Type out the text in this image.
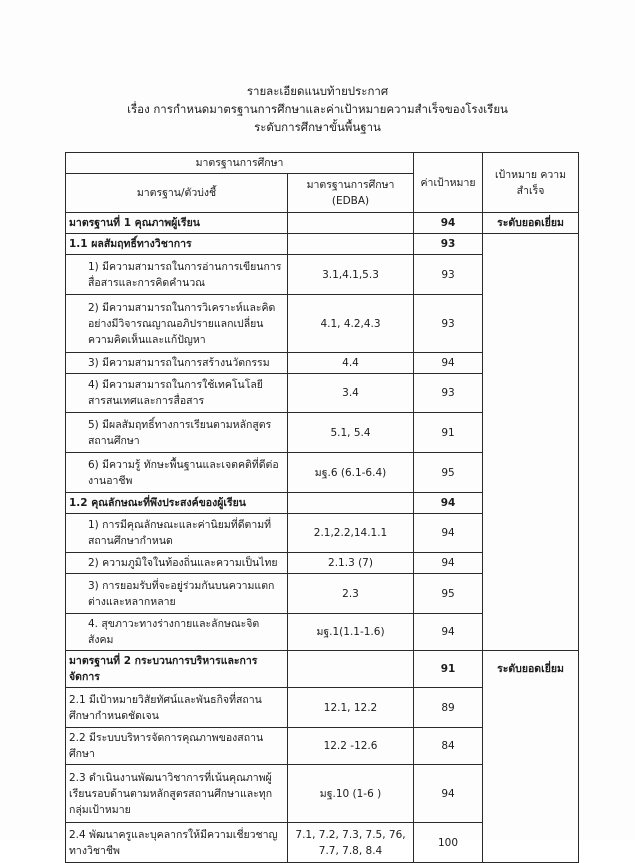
รายละเอียดแนบท้ายประกาศ
เรื่อง การกำหนดมาตรฐานการศึกษาและค่าเป้าหมายความสำเร็จของโรงเรียน
ระดับการศึกษาขั้นพื้นฐาน
มาตรฐานการศึกษา		ค่าเป้าหมาย	เป้าหมาย ความสำเร็จ
มาตรฐาน/ตัวบ่งชี้	มาตรฐานการศึกษา (EDBA)		
มาตรฐานที่ 1 คุณภาพผู้เรียน		94	ระดับยอดเยี่ยม
1.1 ผลสัมฤทธิ์ทางวิชาการ		93	
1) มีความสามารถในการอ่านการเขียนการสื่อสารและการคิดคำนวณ	3.1,4.1,5.3	93	
2) มีความสามารถในการวิเคราะห์และคิดอย่างมีวิจารณญาณอภิปรายแลกเปลี่ยนความคิดเห็นและแก้ปัญหา	4.1, 4.2,4.3	93	
3) มีความสามารถในการสร้างนวัตกรรม	4.4	94	
4) มีความสามารถในการใช้เทคโนโลยีสารสนเทศและการสื่อสาร	3.4	93	
5) มีผลสัมฤทธิ์ทางการเรียนตามหลักสูตรสถานศึกษา	5.1, 5.4	91	
6) มีความรู้ ทักษะพื้นฐานและเจตคติที่ดีต่องานอาชีพ	มฐ.6 (6.1-6.4)	95	
1.2 คุณลักษณะที่พึงประสงค์ของผู้เรียน		94	
1) การมีคุณลักษณะและค่านิยมที่ดีตามที่สถานศึกษากำหนด	2.1,2.2,14.1.1	94	
2) ความภูมิใจในท้องถิ่นและความเป็นไทย	2.1.3 (7)	94	
3) การยอมรับที่จะอยู่ร่วมกันบนความแตกต่างและหลากหลาย	2.3	95	
4. สุขภาวะทางร่างกายและลักษณะจิตสังคม	มฐ.1(1.1-1.6)	94	
มาตรฐานที่ 2 กระบวนการบริหารและการจัดการ		91	ระดับยอดเยี่ยม
2.1 มีเป้าหมายวิสัยทัศน์และพันธกิจที่สถานศึกษากำหนดชัดเจน	12.1, 12.2	89	
2.2 มีระบบบริหารจัดการคุณภาพของสถานศึกษา	12.2 -12.6	84	
2.3 ดำเนินงานพัฒนาวิชาการที่เน้นคุณภาพผู้เรียนรอบด้านตามหลักสูตรสถานศึกษาและทุกกลุ่มเป้าหมาย	มฐ.10 (1-6 )	94	
2.4 พัฒนาครูและบุคลากรให้มีความเชี่ยวชาญทางวิชาชีพ	7.1, 7.2, 7.3, 7.5, 76, 7.7, 7.8, 8.4	100	
